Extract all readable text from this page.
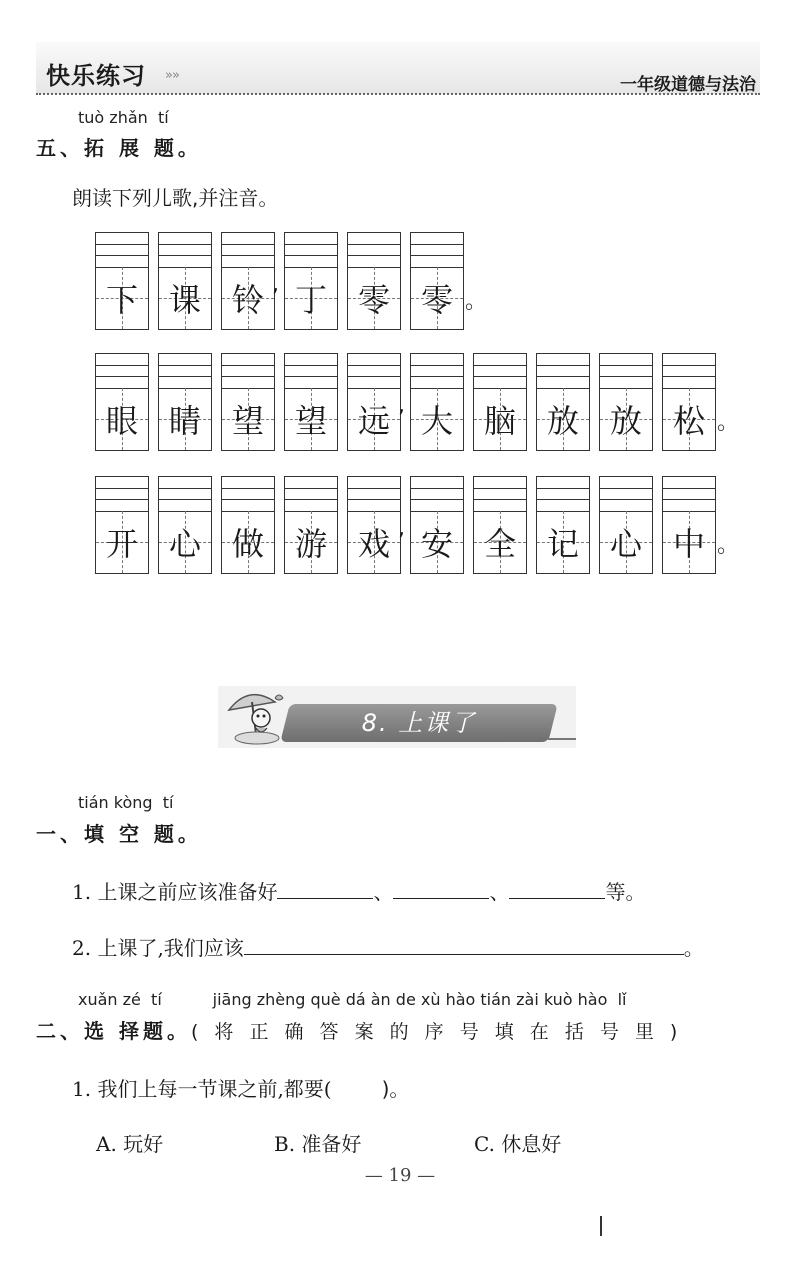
快乐练习 »»	一年级道德与法治
tuò zhǎn  tí
五、拓 展 题。
朗读下列儿歌,并注音。
下 课 铃 , 丁 零 零 。
眼 睛 望 望 远 , 大 脑 放 放 松 。
开 心 做 游 戏 , 安 全 记 心 中 。
8. 上课了
tián kòng  tí
一、填 空 题。
1. 上课之前应该准备好	、	、	等。
2. 上课了,我们应该	。
xuǎn zé  tí          jiāng zhèng què dá àn de xù hào tián zài kuò hào  lǐ
二、选 择题。( 将 正 确 答 案 的 序 号 填 在 括 号 里 )
1. 我们上每一节课之前,都要(	)。
A. 玩好	B. 准备好	C. 休息好
— 19 —
